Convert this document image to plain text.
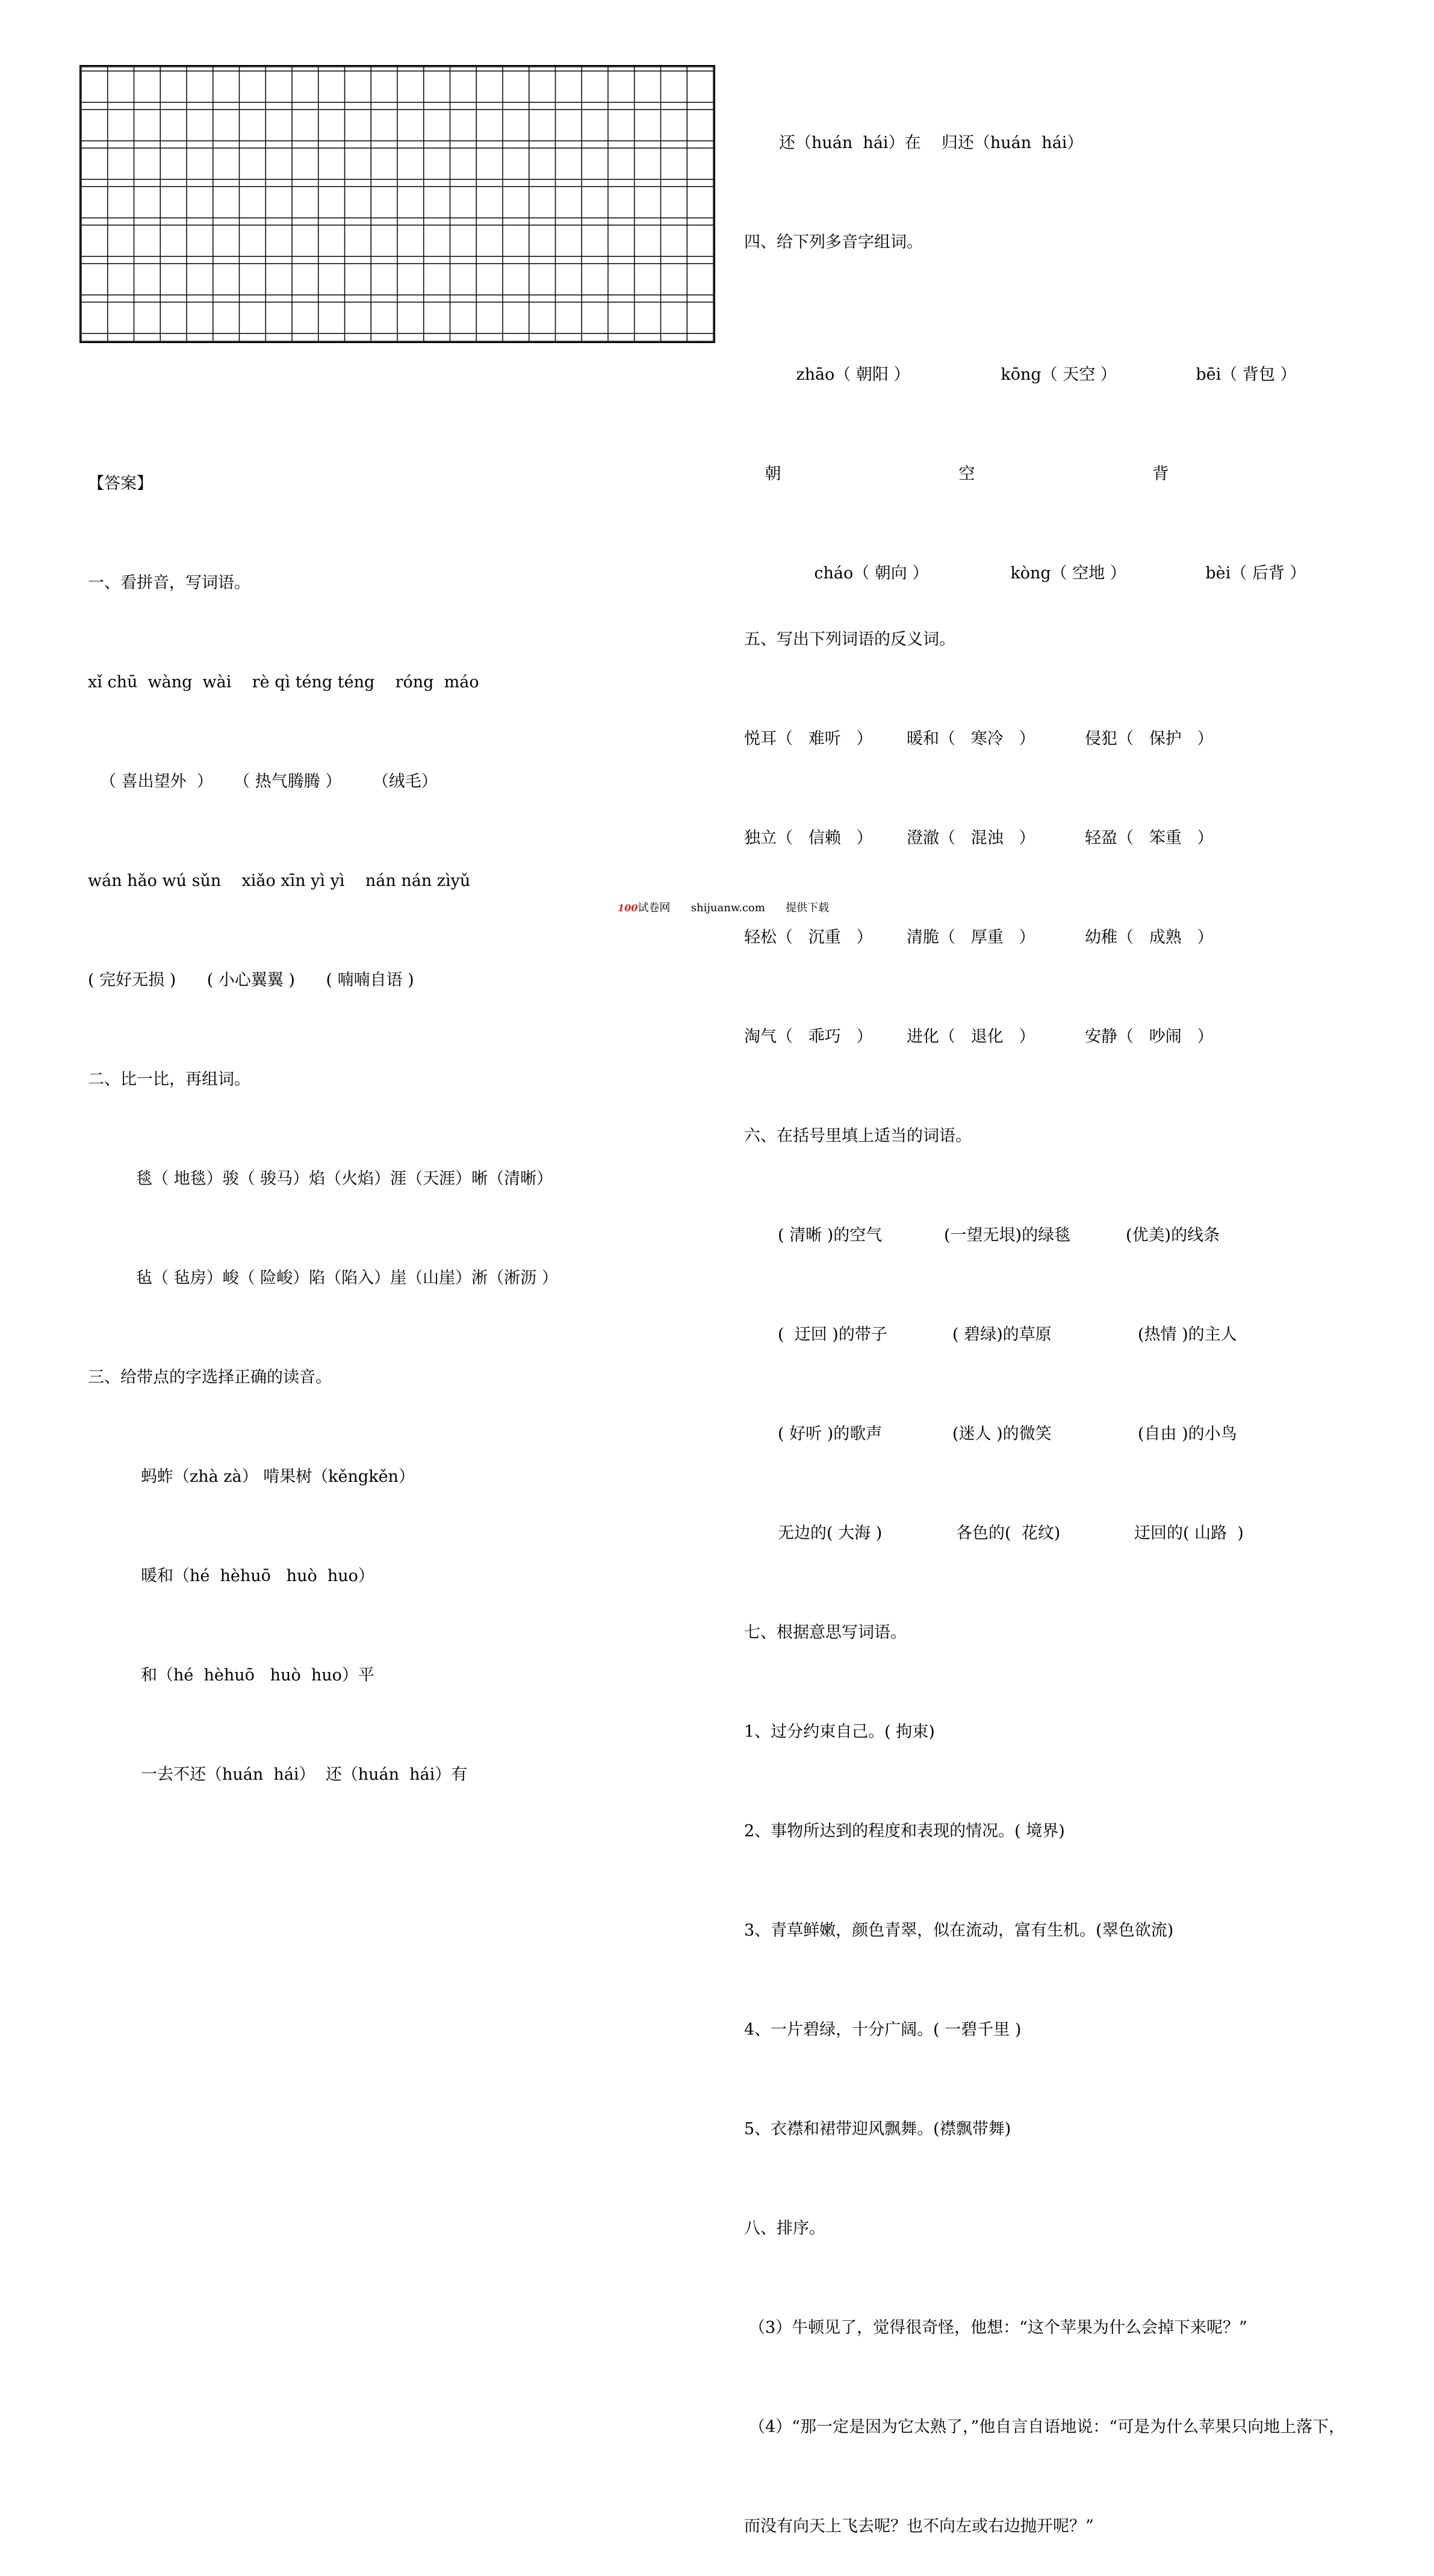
【答案】

一、看拼音，写词语。

xǐ chū  wàng  wài    rè qì téng téng    róng  máo

（ 喜出望外  ）    （ 热气腾腾 ）      （绒毛）

wán hǎo wú sǔn    xiǎo xīn yì yì    nán nán zìyǔ

( 完好无损 )      ( 小心翼翼 )      ( 喃喃自语 )

二、比一比，再组词。

毯（ 地毯）骏（ 骏马）焰（火焰）涯（天涯）晰（清晰）

毡（ 毡房）峻（ 险峻）陷（陷入）崖（山崖）淅（淅沥 ）

三、给带点的字选择正确的读音。

蚂蚱（zhà zà） 啃果树（kěngkěn）

暖和（hé  hèhuō   huò  huo）

和（hé  hèhuō   huò  huo）平

一去不还（huán  hái）  还（huán  hái）有

还（huán  hái）在    归还（huán  hái）

四、给下列多音字组词。

zhāo（ 朝阳 ）	kōng（ 天空 ）	bēi（ 背包 ）

朝	空	背

cháo（ 朝向 ）	kòng（ 空地 ）	bèi（ 后背 ）

五、写出下列词语的反义词。

悦耳（   难听   ） 暖和（   寒冷   ）	侵犯（   保护   ）

独立（   信赖   ） 澄澈（   混浊   ）	轻盈（   笨重   ）

轻松（   沉重   ） 清脆（   厚重   ）	幼稚（   成熟   ）

淘气（   乖巧   ） 进化（   退化   ）	安静（   吵闹   ）

六、在括号里填上适当的词语。

( 清晰 )的空气	(一望无垠)的绿毯	(优美)的线条

(  迂回 )的带子	( 碧绿)的草原	(热情 )的主人

( 好听 )的歌声	(迷人 )的微笑	(自由 )的小鸟

无边的( 大海 )	各色的(  花纹)	迂回的( 山路  )

七、根据意思写词语。

1、过分约束自己。( 拘束)

2、事物所达到的程度和表现的情况。( 境界)

3、青草鲜嫩，颜色青翠，似在流动，富有生机。(翠色欲流)

4、一片碧绿，十分广阔。( 一碧千里 )

5、衣襟和裙带迎风飘舞。(襟飘带舞)

八、排序。

（3）牛顿见了，觉得很奇怪，他想：“这个苹果为什么会掉下来呢？”

（4）“那一定是因为它太熟了，”他自言自语地说：“可是为什么苹果只向地上落下，

而没有向天上飞去呢？也不向左或右边抛开呢？”

100试卷网 shijuanw.com 提供下载
